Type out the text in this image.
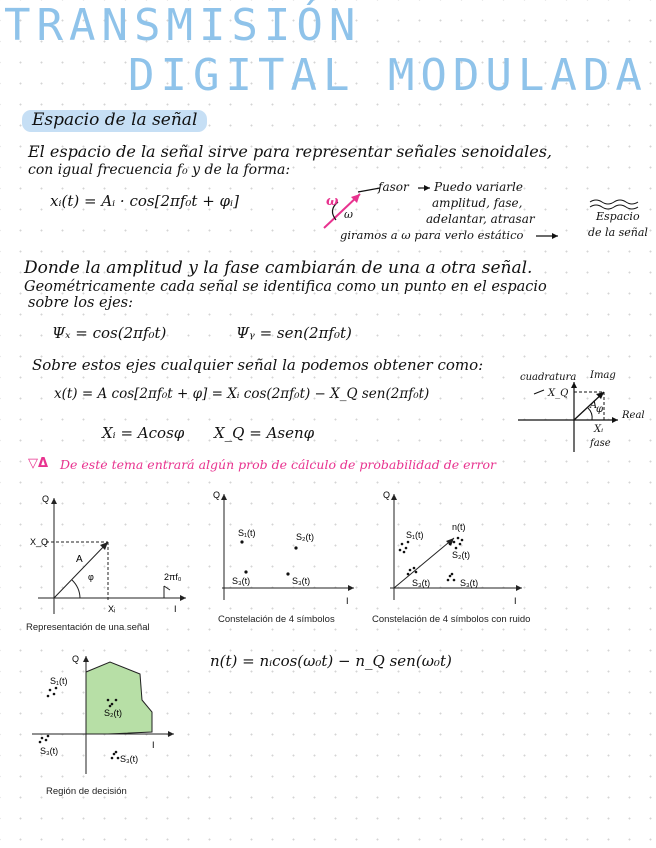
TRANSMISIÓN
DIGITAL MODULADA
Espacio de la señal
El espacio de la señal sirve para representar señales senoidales,
con igual frecuencia f₀ y de la forma:
xᵢ(t) = Aᵢ · cos[2πf₀t + φᵢ]	ω
ω
fasor Puedo variarle
amplitud, fase,
adelantar, atrasar	Espacio
de la señal
giramos a ω para verlo estático
Donde la amplitud y la fase cambiarán de una a otra señal.
Geométricamente cada señal se identifica como un punto en el espacio
sobre los ejes:
Ψₓ = cos(2πf₀t)	Ψᵧ = sen(2πf₀t)
Sobre estos ejes cualquier señal la podemos obtener como:
x(t) = A cos[2πf₀t + φ] = Xᵢ cos(2πf₀t) − X_Q sen(2πf₀t)
Xᵢ = Acosφ X_Q = Asenφ
cuadratura Imag
X_Q
A
φ
Real
Xᵢ
fase
▽ᐃ De este tema entrará algún prob de cálculo de probabilidad de error
Q
X_Q
A
φ
Xᵢ	I
2πf₀
Representación de una señal
Q
I
S₁(t)	S₂(t)
S₃(t)	S₃(t)
Constelación de 4 símbolos
Q
I
n(t)
S₁(t)
S₂(t)
S₃(t)	S₃(t)
Constelación de 4 símbolos con ruido
Q
I
S₁(t)
S₂(t)
S₃(t)
S₃(t)
Región de decisión
n(t) = nᵢcos(ω₀t) − n_Q sen(ω₀t)
